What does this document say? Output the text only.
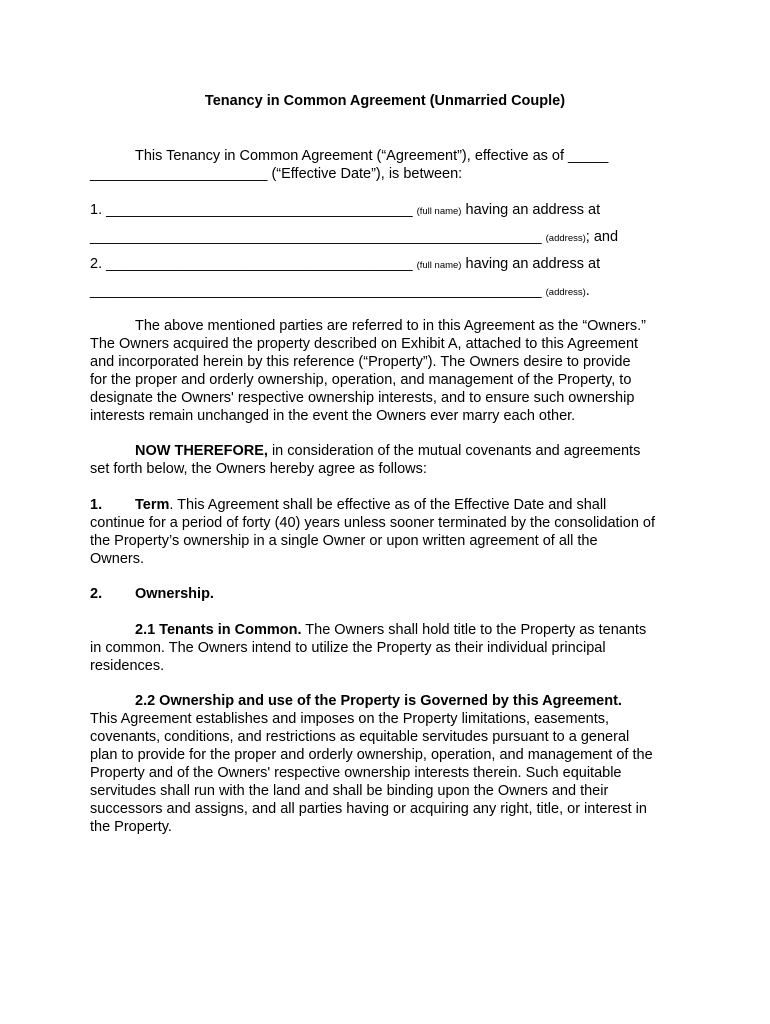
Tenancy in Common Agreement (Unmarried Couple)
This Tenancy in Common Agreement (“Agreement”), effective as of _____
______________________ (“Effective Date”), is between:
1. ______________________________________ (full name) having an address at
________________________________________________________ (address); and
2. ______________________________________ (full name) having an address at
________________________________________________________ (address).
The above mentioned parties are referred to in this Agreement as the “Owners.”
The Owners acquired the property described on Exhibit A, attached to this Agreement
and incorporated herein by this reference (“Property”). The Owners desire to provide
for the proper and orderly ownership, operation, and management of the Property, to
designate the Owners' respective ownership interests, and to ensure such ownership
interests remain unchanged in the event the Owners ever marry each other.
NOW THEREFORE, in consideration of the mutual covenants and agreements
set forth below, the Owners hereby agree as follows:
1. Term. This Agreement shall be effective as of the Effective Date and shall
continue for a period of forty (40) years unless sooner terminated by the consolidation of
the Property’s ownership in a single Owner or upon written agreement of all the
Owners.
2. Ownership.
2.1 Tenants in Common. The Owners shall hold title to the Property as tenants
in common. The Owners intend to utilize the Property as their individual principal
residences.
2.2 Ownership and use of the Property is Governed by this Agreement.
This Agreement establishes and imposes on the Property limitations, easements,
covenants, conditions, and restrictions as equitable servitudes pursuant to a general
plan to provide for the proper and orderly ownership, operation, and management of the
Property and of the Owners' respective ownership interests therein. Such equitable
servitudes shall run with the land and shall be binding upon the Owners and their
successors and assigns, and all parties having or acquiring any right, title, or interest in
the Property.
